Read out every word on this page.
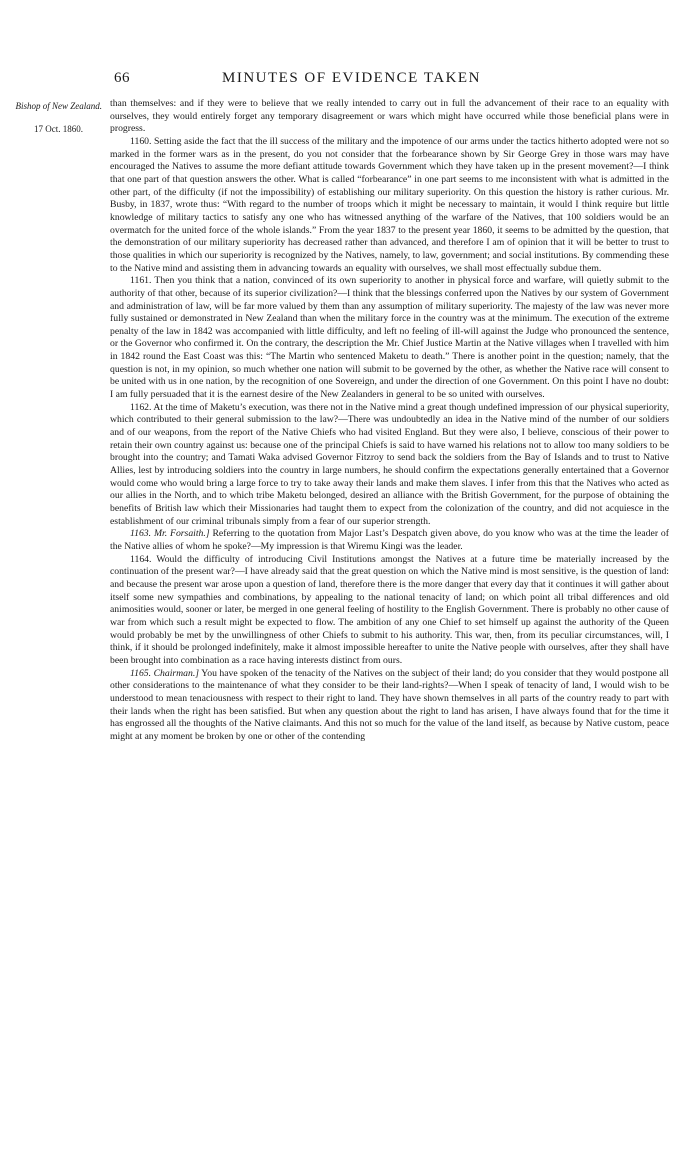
66	MINUTES OF EVIDENCE TAKEN
Bishop of New Zealand.
17 Oct. 1860.

than themselves: and if they were to believe that we really intended to carry out in full the advancement of their race to an equality with ourselves, they would entirely forget any temporary disagreement or wars which might have occurred while those beneficial plans were in progress.

1160. Setting aside the fact that the ill success of the military and the impotence of our arms under the tactics hitherto adopted were not so marked in the former wars as in the present, do you not consider that the forbearance shown by Sir George Grey in those wars may have encouraged the Natives to assume the more defiant attitude towards Government which they have taken up in the present movement?—I think that one part of that question answers the other. What is called “forbearance” in one part seems to me inconsistent with what is admitted in the other part, of the difficulty (if not the impossibility) of establishing our military superiority. On this question the history is rather curious. Mr. Busby, in 1837, wrote thus: “With regard to the number of troops which it might be necessary to maintain, it would I think require but little knowledge of military tactics to satisfy any one who has witnessed anything of the warfare of the Natives, that 100 soldiers would be an overmatch for the united force of the whole islands.” From the year 1837 to the present year 1860, it seems to be admitted by the question, that the demonstration of our military superiority has decreased rather than advanced, and therefore I am of opinion that it will be better to trust to those qualities in which our superiority is recognized by the Natives, namely, to law, government; and social institutions. By commending these to the Native mind and assisting them in advancing towards an equality with ourselves, we shall most effectually subdue them.

1161. Then you think that a nation, convinced of its own superiority to another in physical force and warfare, will quietly submit to the authority of that other, because of its superior civilization?—I think that the blessings conferred upon the Natives by our system of Government and administration of law, will be far more valued by them than any assumption of military superiority. The majesty of the law was never more fully sustained or demonstrated in New Zealand than when the military force in the country was at the minimum. The execution of the extreme penalty of the law in 1842 was accompanied with little difficulty, and left no feeling of ill-will against the Judge who pronounced the sentence, or the Governor who confirmed it. On the contrary, the description the Mr. Chief Justice Martin at the Native villages when I travelled with him in 1842 round the East Coast was this: “The Martin who sentenced Maketu to death.” There is another point in the question; namely, that the question is not, in my opinion, so much whether one nation will submit to be governed by the other, as whether the Native race will consent to be united with us in one nation, by the recognition of one Sovereign, and under the direction of one Government. On this point I have no doubt: I am fully persuaded that it is the earnest desire of the New Zealanders in general to be so united with ourselves.

1162. At the time of Maketu’s execution, was there not in the Native mind a great though undefined impression of our physical superiority, which contributed to their general submission to the law?—There was undoubtedly an idea in the Native mind of the number of our soldiers and of our weapons, from the report of the Native Chiefs who had visited England. But they were also, I believe, conscious of their power to retain their own country against us: because one of the principal Chiefs is said to have warned his relations not to allow too many soldiers to be brought into the country; and Tamati Waka advised Governor Fitzroy to send back the soldiers from the Bay of Islands and to trust to Native Allies, lest by introducing soldiers into the country in large numbers, he should confirm the expectations generally entertained that a Governor would come who would bring a large force to try to take away their lands and make them slaves. I infer from this that the Natives who acted as our allies in the North, and to which tribe Maketu belonged, desired an alliance with the British Government, for the purpose of obtaining the benefits of British law which their Missionaries had taught them to expect from the colonization of the country, and did not acquiesce in the establishment of our criminal tribunals simply from a fear of our superior strength.

1163. Mr. Forsaith.] Referring to the quotation from Major Last’s Despatch given above, do you know who was at the time the leader of the Native allies of whom he spoke?—My impression is that Wiremu Kingi was the leader.

1164. Would the difficulty of introducing Civil Institutions amongst the Natives at a future time be materially increased by the continuation of the present war?—I have already said that the great question on which the Native mind is most sensitive, is the question of land: and because the present war arose upon a question of land, therefore there is the more danger that every day that it continues it will gather about itself some new sympathies and combinations, by appealing to the national tenacity of land; on which point all tribal differences and old animosities would, sooner or later, be merged in one general feeling of hostility to the English Government. There is probably no other cause of war from which such a result might be expected to flow. The ambition of any one Chief to set himself up against the authority of the Queen would probably be met by the unwillingness of other Chiefs to submit to his authority. This war, then, from its peculiar circumstances, will, I think, if it should be prolonged indefinitely, make it almost impossible hereafter to unite the Native people with ourselves, after they shall have been brought into combination as a race having interests distinct from ours.

1165. Chairman.] You have spoken of the tenacity of the Natives on the subject of their land; do you consider that they would postpone all other considerations to the maintenance of what they consider to be their land-rights?—When I speak of tenacity of land, I would wish to be understood to mean tenaciousness with respect to their right to land. They have shown themselves in all parts of the country ready to part with their lands when the right has been satisfied. But when any question about the right to land has arisen, I have always found that for the time it has engrossed all the thoughts of the Native claimants. And this not so much for the value of the land itself, as because by Native custom, peace might at any moment be broken by one or other of the contending
